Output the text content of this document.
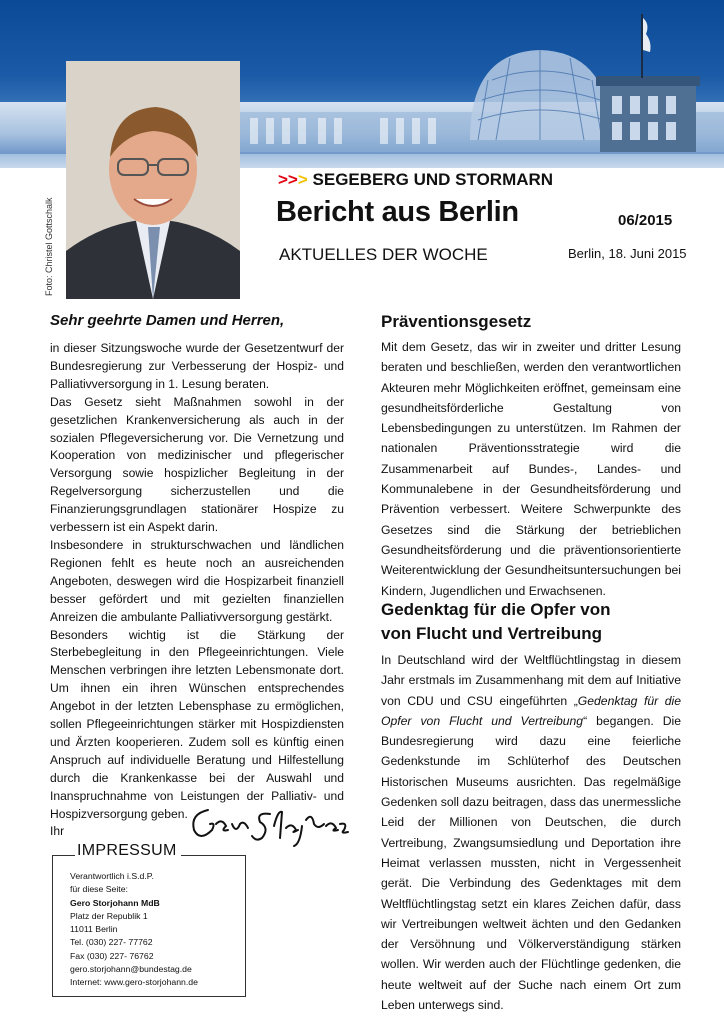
Foto: Christel Gottschalk
>>> SEGEBERG UND STORMARN
Bericht aus Berlin	06/2015
AKTUELLES DER WOCHE	Berlin, 18. Juni 2015
Sehr geehrte Damen und Herren,

in dieser Sitzungswoche wurde der Gesetzentwurf der Bundesregierung zur Verbesserung der Hospiz- und Palliativversorgung in 1. Lesung beraten.

Das Gesetz sieht Maßnahmen sowohl in der gesetzlichen Krankenversicherung als auch in der sozialen Pflegeversicherung vor. Die Vernetzung und Kooperation von medizinischer und pflegerischer Versorgung sowie hospizlicher Begleitung in der Regelversorgung sicherzustellen und die Finanzierungsgrundlagen stationärer Hospize zu verbessern ist ein Aspekt darin.

Insbesondere in strukturschwachen und ländlichen Regionen fehlt es heute noch an ausreichenden Angeboten, deswegen wird die Hospizarbeit finanziell besser gefördert und mit gezielten finanziellen Anreizen die ambulante Palliativversorgung gestärkt.

Besonders wichtig ist die Stärkung der Sterbebegleitung in den Pflegeeinrichtungen. Viele Menschen verbringen ihre letzten Lebensmonate dort. Um ihnen ein ihren Wünschen entsprechendes Angebot in der letzten Lebensphase zu ermöglichen, sollen Pflegeeinrichtungen stärker mit Hospizdiensten und Ärzten kooperieren. Zudem soll es künftig einen Anspruch auf individuelle Beratung und Hilfestellung durch die Krankenkasse bei der Auswahl und Inanspruchnahme von Leistungen der Palliativ- und Hospizversorgung geben.

Ihr

IMPRESSUM
Verantwortlich i.S.d.P.
für diese Seite:
Gero Storjohann MdB
Platz der Republik 1
11011 Berlin
Tel. (030) 227- 77762
Fax (030) 227- 76762
gero.storjohann@bundestag.de
Internet: www.gero-storjohann.de
Präventionsgesetz

Mit dem Gesetz, das wir in zweiter und dritter Lesung beraten und beschließen, werden den verantwortlichen Akteuren mehr Möglichkeiten eröffnet, gemeinsam eine gesundheitsförderliche Gestaltung von Lebensbedingungen zu unterstützen. Im Rahmen der nationalen Präventionsstrategie wird die Zusammenarbeit auf Bundes-, Landes- und Kommunalebene in der Gesundheitsförderung und Prävention verbessert. Weitere Schwerpunkte des Gesetzes sind die Stärkung der betrieblichen Gesundheitsförderung und die präventionsorientierte Weiterentwicklung der Gesundheitsuntersuchungen bei Kindern, Jugendlichen und Erwachsenen.

Gedenktag für die Opfer von
von Flucht und Vertreibung

In Deutschland wird der Weltflüchtlingstag in diesem Jahr erstmals im Zusammenhang mit dem auf Initiative von CDU und CSU eingeführten „Gedenktag für die Opfer von Flucht und Vertreibung“ begangen. Die Bundesregierung wird dazu eine feierliche Gedenkstunde im Schlüterhof des Deutschen Historischen Museums ausrichten. Das regelmäßige Gedenken soll dazu beitragen, dass das unermessliche Leid der Millionen von Deutschen, die durch Vertreibung, Zwangsumsiedlung und Deportation ihre Heimat verlassen mussten, nicht in Vergessenheit gerät. Die Verbindung des Gedenktages mit dem Weltflüchtlingstag setzt ein klares Zeichen dafür, dass wir Vertreibungen weltweit ächten und den Gedanken der Versöhnung und Völkerverständigung stärken wollen. Wir werden auch der Flüchtlinge gedenken, die heute weltweit auf der Suche nach einem Ort zum Leben unterwegs sind.
